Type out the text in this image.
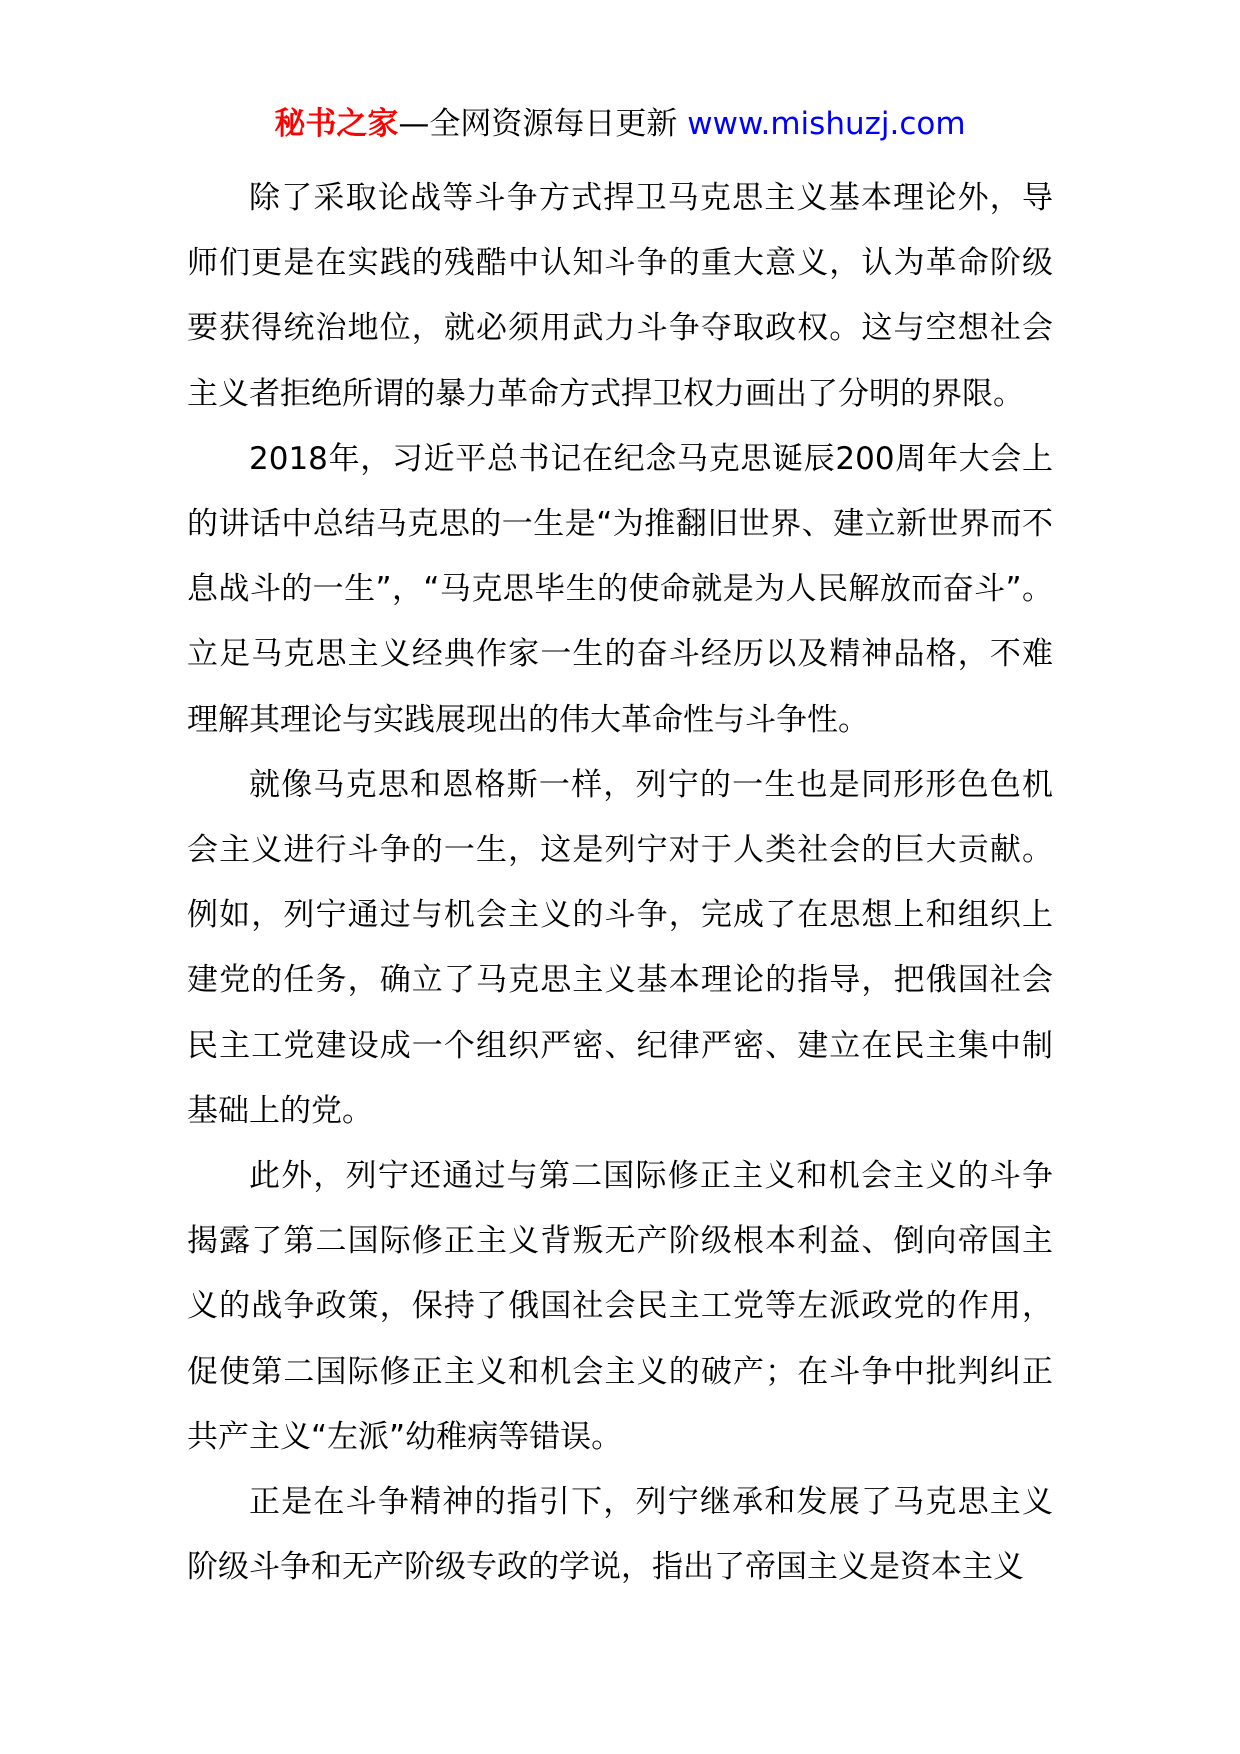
秘书之家—全网资源每日更新 www.mishuzj.com

除了采取论战等斗争方式捍卫马克思主义基本理论外，导师们更是在实践的残酷中认知斗争的重大意义，认为革命阶级要获得统治地位，就必须用武力斗争夺取政权。这与空想社会主义者拒绝所谓的暴力革命方式捍卫权力画出了分明的界限。

2018年，习近平总书记在纪念马克思诞辰200周年大会上的讲话中总结马克思的一生是“为推翻旧世界、建立新世界而不息战斗的一生”，“马克思毕生的使命就是为人民解放而奋斗”。立足马克思主义经典作家一生的奋斗经历以及精神品格，不难理解其理论与实践展现出的伟大革命性与斗争性。

就像马克思和恩格斯一样，列宁的一生也是同形形色色机会主义进行斗争的一生，这是列宁对于人类社会的巨大贡献。例如，列宁通过与机会主义的斗争，完成了在思想上和组织上建党的任务，确立了马克思主义基本理论的指导，把俄国社会民主工党建设成一个组织严密、纪律严密、建立在民主集中制基础上的党。

此外，列宁还通过与第二国际修正主义和机会主义的斗争揭露了第二国际修正主义背叛无产阶级根本利益、倒向帝国主义的战争政策，保持了俄国社会民主工党等左派政党的作用，促使第二国际修正主义和机会主义的破产；在斗争中批判纠正共产主义“左派”幼稚病等错误。

正是在斗争精神的指引下，列宁继承和发展了马克思主义阶级斗争和无产阶级专政的学说，指出了帝国主义是资本主义
